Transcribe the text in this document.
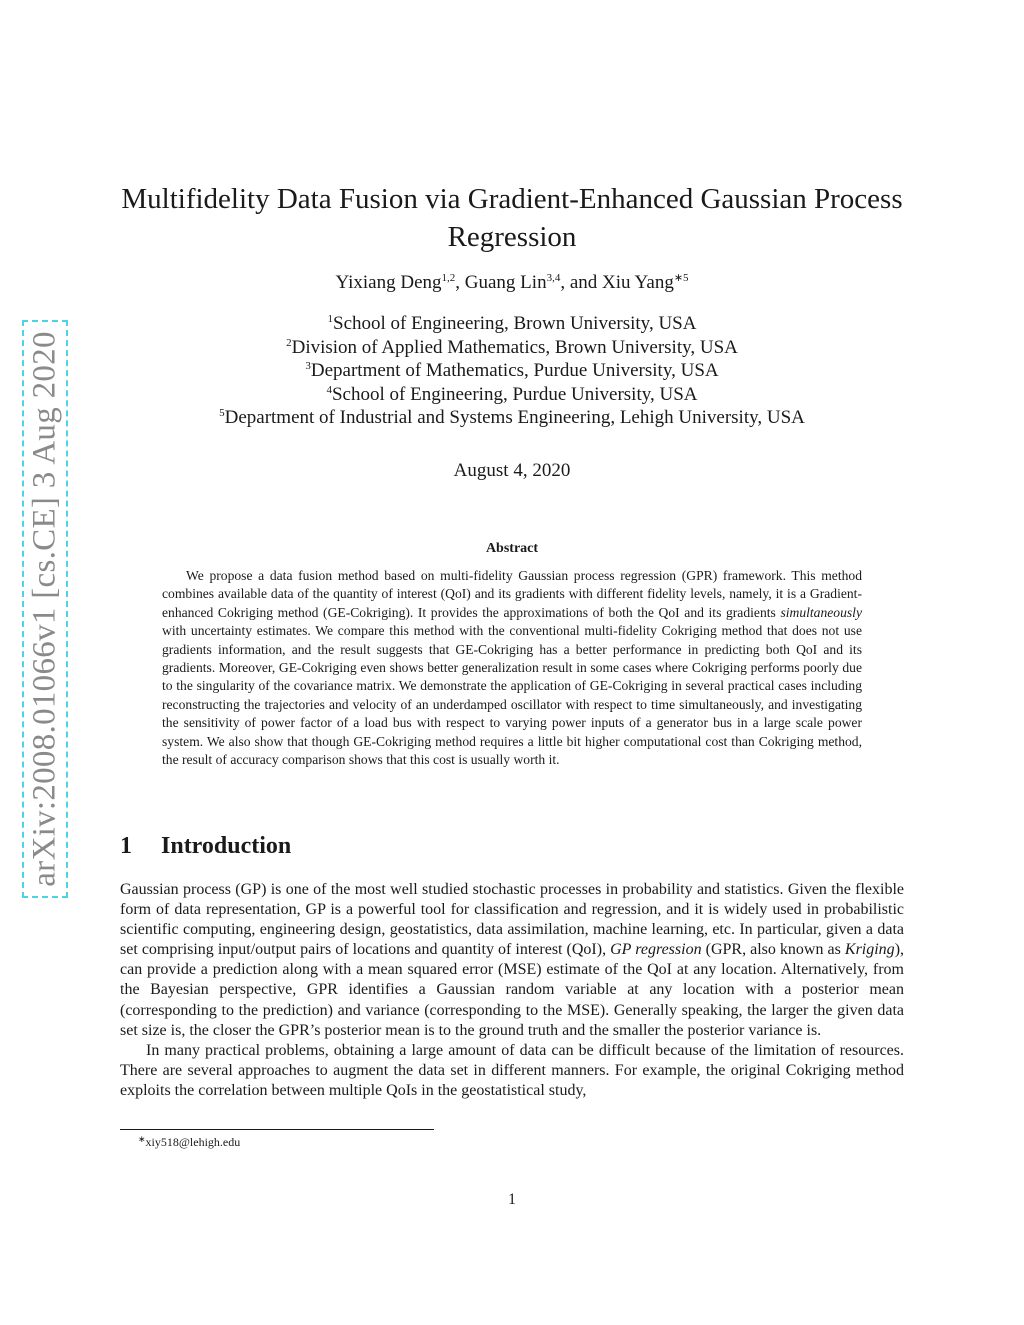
arXiv:2008.01066v1 [cs.CE] 3 Aug 2020
Multifidelity Data Fusion via Gradient-Enhanced Gaussian Process Regression
Yixiang Deng$^{1,2}$, Guang Lin$^{3,4}$, and Xiu Yang$^{∗5}$
$^1$School of Engineering, Brown University, USA
$^2$Division of Applied Mathematics, Brown University, USA
$^3$Department of Mathematics, Purdue University, USA
$^4$School of Engineering, Purdue University, USA
$^5$Department of Industrial and Systems Engineering, Lehigh University, USA
August 4, 2020
Abstract
We propose a data fusion method based on multi-fidelity Gaussian process regression (GPR) framework. This method combines available data of the quantity of interest (QoI) and its gradients with different fidelity levels, namely, it is a Gradient-enhanced Cokriging method (GE-Cokriging). It provides the approximations of both the QoI and its gradients simultaneously with uncertainty estimates. We compare this method with the conventional multi-fidelity Cokriging method that does not use gradients information, and the result suggests that GE-Cokriging has a better performance in predicting both QoI and its gradients. Moreover, GE-Cokriging even shows better generalization result in some cases where Cokriging performs poorly due to the singularity of the covariance matrix. We demonstrate the application of GE-Cokriging in several practical cases including reconstructing the trajectories and velocity of an underdamped oscillator with respect to time simultaneously, and investigating the sensitivity of power factor of a load bus with respect to varying power inputs of a generator bus in a large scale power system. We also show that though GE-Cokriging method requires a little bit higher computational cost than Cokriging method, the result of accuracy comparison shows that this cost is usually worth it.
1 Introduction

Gaussian process (GP) is one of the most well studied stochastic processes in probability and statistics. Given the flexible form of data representation, GP is a powerful tool for classification and regression, and it is widely used in probabilistic scientific computing, engineering design, geostatistics, data assimilation, machine learning, etc. In particular, given a data set comprising input/output pairs of locations and quantity of interest (QoI), GP regression (GPR, also known as Kriging), can provide a prediction along with a mean squared error (MSE) estimate of the QoI at any location. Alternatively, from the Bayesian perspective, GPR identifies a Gaussian random variable at any location with a posterior mean (corresponding to the prediction) and variance (corresponding to the MSE). Generally speaking, the larger the given data set size is, the closer the GPR’s posterior mean is to the ground truth and the smaller the posterior variance is.

In many practical problems, obtaining a large amount of data can be difficult because of the limitation of resources. There are several approaches to augment the data set in different manners. For example, the original Cokriging method exploits the correlation between multiple QoIs in the geostatistical study,

∗xiy518@lehigh.edu
1
